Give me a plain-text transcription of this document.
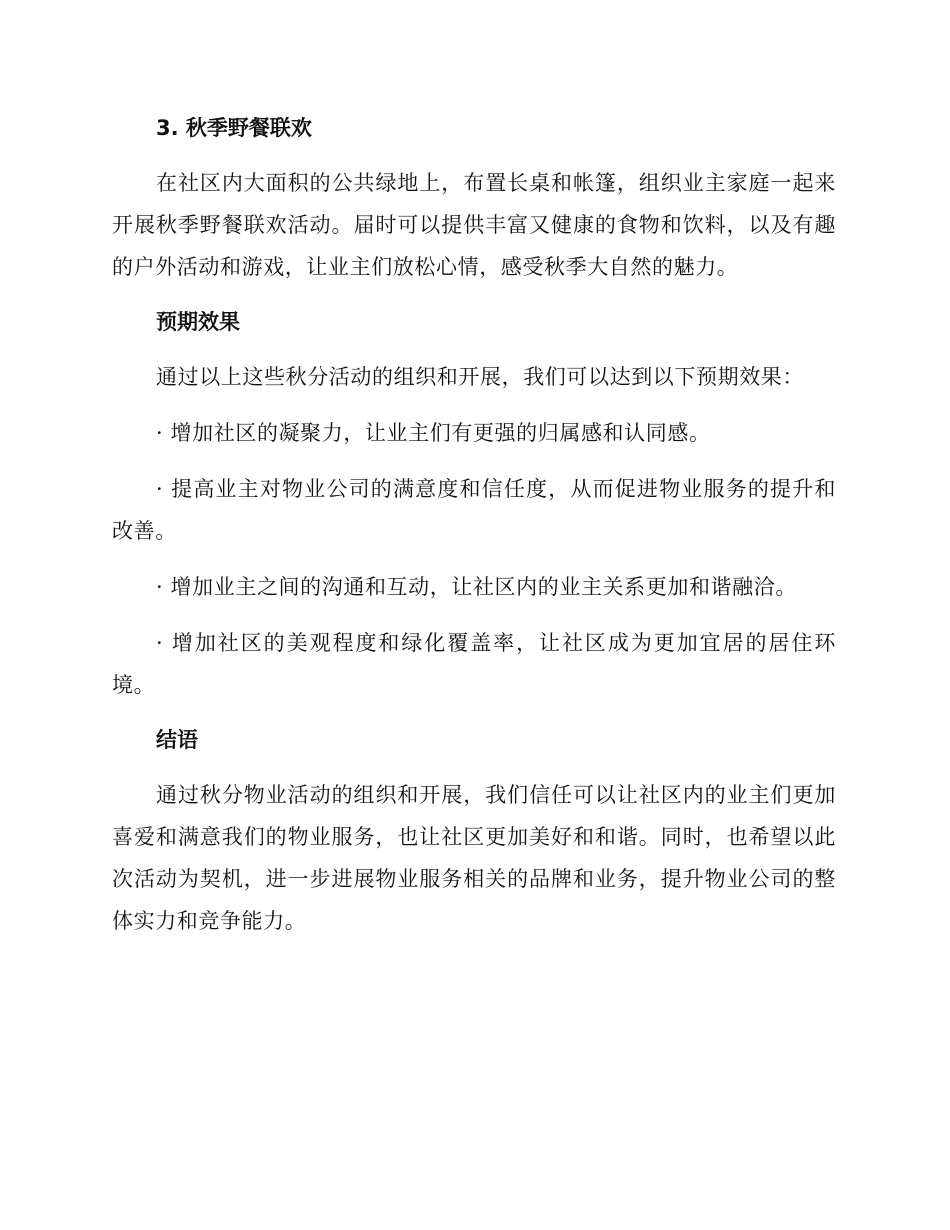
3. 秋季野餐联欢

在社区内大面积的公共绿地上，布置长桌和帐篷，组织业主家庭一起来开展秋季野餐联欢活动。届时可以提供丰富又健康的食物和饮料，以及有趣的户外活动和游戏，让业主们放松心情，感受秋季大自然的魅力。

预期效果

通过以上这些秋分活动的组织和开展，我们可以达到以下预期效果：

· 增加社区的凝聚力，让业主们有更强的归属感和认同感。

· 提高业主对物业公司的满意度和信任度，从而促进物业服务的提升和改善。

· 增加业主之间的沟通和互动，让社区内的业主关系更加和谐融洽。

· 增加社区的美观程度和绿化覆盖率，让社区成为更加宜居的居住环境。

结语

通过秋分物业活动的组织和开展，我们信任可以让社区内的业主们更加喜爱和满意我们的物业服务，也让社区更加美好和和谐。同时，也希望以此次活动为契机，进一步进展物业服务相关的品牌和业务，提升物业公司的整体实力和竞争能力。
